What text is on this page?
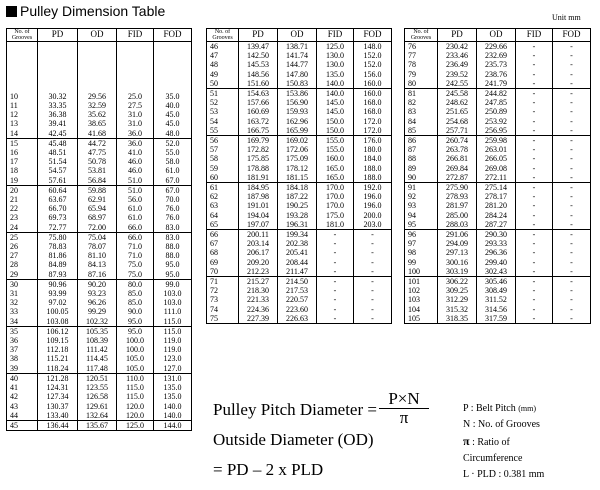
Pulley Dimension Table	Unit mm
No. of
Grooves	PD	OD	FID	FOD
10	30.32	29.56	25.0	35.0
11	33.35	32.59	27.5	40.0
12	36.38	35.62	31.0	45.0
13	39.41	38.65	31.0	45.0
14	42.45	41.68	36.0	48.0
15	45.48	44.72	36.0	52.0
16	48.51	47.75	41.0	55.0
17	51.54	50.78	46.0	58.0
18	54.57	53.81	46.0	61.0
19	57.61	56.84	51.0	67.0
20	60.64	59.88	51.0	67.0
21	63.67	62.91	56.0	70.0
22	66.70	65.94	61.0	76.0
23	69.73	68.97	61.0	76.0
24	72.77	72.00	66.0	83.0
25	75.80	75.04	66.0	83.0
26	78.83	78.07	71.0	88.0
27	81.86	81.10	71.0	88.0
28	84.89	84.13	75.0	95.0
29	87.93	87.16	75.0	95.0
30	90.96	90.20	80.0	99.0
31	93.99	93.23	85.0	103.0
32	97.02	96.26	85.0	103.0
33	100.05	99.29	90.0	111.0
34	103.08	102.32	95.0	115.0
35	106.12	105.35	95.0	115.0
36	109.15	108.39	100.0	119.0
37	112.18	111.42	100.0	119.0
38	115.21	114.45	105.0	123.0
39	118.24	117.48	105.0	127.0
40	121.28	120.51	110.0	131.0
41	124.31	123.55	115.0	135.0
42	127.34	126.58	115.0	135.0
43	130.37	129.61	120.0	140.0
44	133.40	132.64	120.0	140.0
45	136.44	135.67	125.0	144.0
No. of
Grooves	PD	OD	FID	FOD
46	139.47	138.71	125.0	148.0
47	142.50	141.74	130.0	152.0
48	145.53	144.77	130.0	152.0
49	148.56	147.80	135.0	156.0
50	151.60	150.83	140.0	160.0
51	154.63	153.86	140.0	160.0
52	157.66	156.90	145.0	168.0
53	160.69	159.93	145.0	168.0
54	163.72	162.96	150.0	172.0
55	166.75	165.99	150.0	172.0
56	169.79	169.02	155.0	176.0
57	172.82	172.06	155.0	180.0
58	175.85	175.09	160.0	184.0
59	178.88	178.12	165.0	188.0
60	181.91	181.15	165.0	188.0
61	184.95	184.18	170.0	192.0
62	187.98	187.22	170.0	196.0
63	191.01	190.25	170.0	196.0
64	194.04	193.28	175.0	200.0
65	197.07	196.31	181.0	203.0
66	200.11	199.34	-	-
67	203.14	202.38	-	-
68	206.17	205.41	-	-
69	209.20	208.44	-	-
70	212.23	211.47	-	-
71	215.27	214.50	-	-
72	218.30	217.53	-	-
73	221.33	220.57	-	-
74	224.36	223.60	-	-
75	227.39	226.63	-	-
No. of
Grooves	PD	OD	FID	FOD
76	230.42	229.66	-	-
77	233.46	232.69	-	-
78	236.49	235.73	-	-
79	239.52	238.76	-	-
80	242.55	241.79	-	-
81	245.58	244.82	-	-
82	248.62	247.85	-	-
83	251.65	250.89	-	-
84	254.68	253.92	-	-
85	257.71	256.95	-	-
86	260.74	259.98	-	-
87	263.78	263.01	-	-
88	266.81	266.05	-	-
89	269.84	269.08	-	-
90	272.87	272.11	-	-
91	275.90	275.14	-	-
92	278.93	278.17	-	-
93	281.97	281.20	-	-
94	285.00	284.24	-	-
95	288.03	287.27	-	-
96	291.06	290.30	-	-
97	294.09	293.33	-	-
98	297.13	296.36	-	-
99	300.16	299.40	-	-
100	303.19	302.43	-	-
101	306.22	305.46	-	-
102	309.25	308.49	-	-
103	312.29	311.52	-	-
104	315.32	314.56	-	-
105	318.35	317.59	-	-
Pulley Pitch Diameter = $\frac{P\times N}{\pi}$
Outside Diameter (OD)
= PD – 2 x PLD
P : Belt Pitch (mm)
N : No. of Grooves
π : Ratio of
Circumference
L · PLD : 0.381 mm
